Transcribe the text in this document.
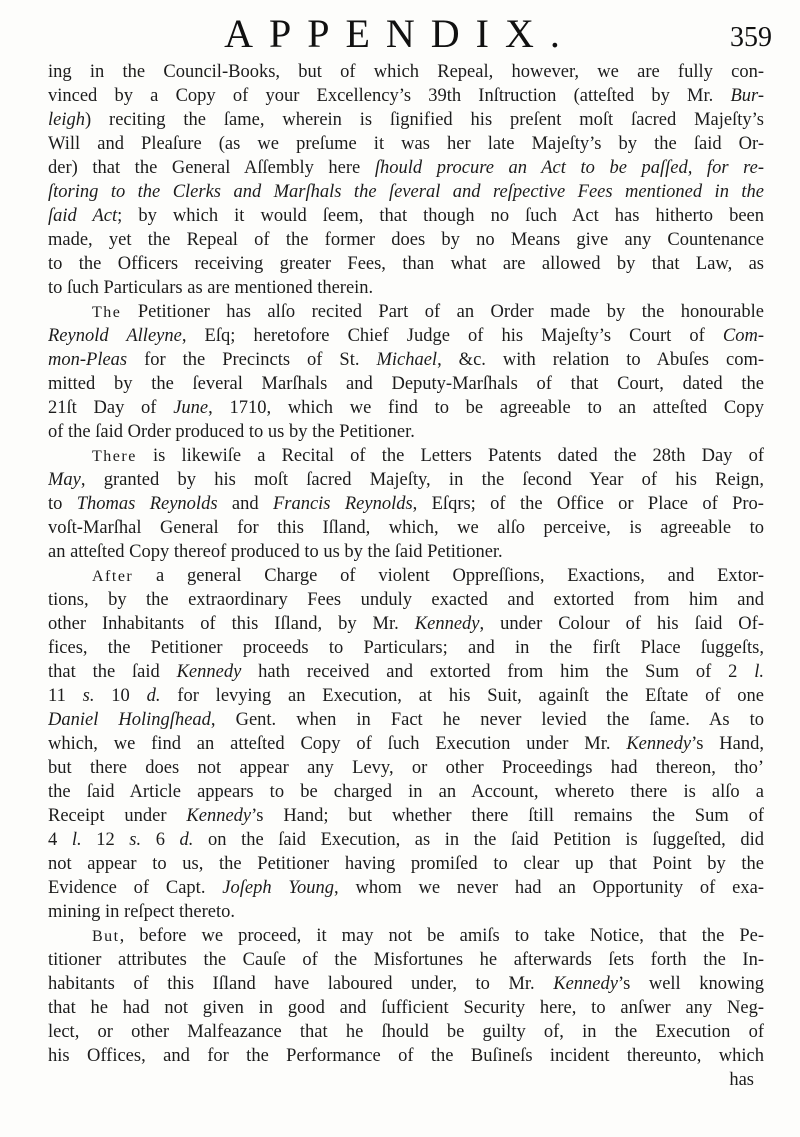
APPENDIX.	359
ing in the Council-Books, but of which Repeal, however, we are fully con-
vinced by a Copy of your Excellency’s 39th Inſtruction (atteſted by Mr. Bur-
leigh) reciting the ſame, wherein is ſignified his preſent moſt ſacred Majeſty’s
Will and Pleaſure (as we preſume it was her late Majeſty’s by the ſaid Or-
der) that the General Aſſembly here ſhould procure an Act to be paſſed, for re-
ſtoring to the Clerks and Marſhals the ſeveral and reſpective Fees mentioned in the
ſaid Act; by which it would ſeem, that though no ſuch Act has hitherto been
made, yet the Repeal of the former does by no Means give any Countenance
to the Officers receiving greater Fees, than what are allowed by that Law, as
to ſuch Particulars as are mentioned therein.
The Petitioner has alſo recited Part of an Order made by the honourable
Reynold Alleyne, Eſq; heretofore Chief Judge of his Majeſty’s Court of Com-
mon-Pleas for the Precincts of St. Michael, &c. with relation to Abuſes com-
mitted by the ſeveral Marſhals and Deputy-Marſhals of that Court, dated the
21ſt Day of June, 1710, which we find to be agreeable to an atteſted Copy
of the ſaid Order produced to us by the Petitioner.
There is likewiſe a Recital of the Letters Patents dated the 28th Day of
May, granted by his moſt ſacred Majeſty, in the ſecond Year of his Reign,
to Thomas Reynolds and Francis Reynolds, Eſqrs; of the Office or Place of Pro-
voſt-Marſhal General for this Iſland, which, we alſo perceive, is agreeable to
an atteſted Copy thereof produced to us by the ſaid Petitioner.
After a general Charge of violent Oppreſſions, Exactions, and Extor-
tions, by the extraordinary Fees unduly exacted and extorted from him and
other Inhabitants of this Iſland, by Mr. Kennedy, under Colour of his ſaid Of-
fices, the Petitioner proceeds to Particulars; and in the firſt Place ſuggeſts,
that the ſaid Kennedy hath received and extorted from him the Sum of 2 l.
11 s. 10 d. for levying an Execution, at his Suit, againſt the Eſtate of one
Daniel Holingſhead, Gent. when in Fact he never levied the ſame. As to
which, we find an atteſted Copy of ſuch Execution under Mr. Kennedy’s Hand,
but there does not appear any Levy, or other Proceedings had thereon, tho’
the ſaid Article appears to be charged in an Account, whereto there is alſo a
Receipt under Kennedy’s Hand; but whether there ſtill remains the Sum of
4 l. 12 s. 6 d. on the ſaid Execution, as in the ſaid Petition is ſuggeſted, did
not appear to us, the Petitioner having promiſed to clear up that Point by the
Evidence of Capt. Joſeph Young, whom we never had an Opportunity of exa-
mining in reſpect thereto.
But, before we proceed, it may not be amiſs to take Notice, that the Pe-
titioner attributes the Cauſe of the Misfortunes he afterwards ſets forth the In-
habitants of this Iſland have laboured under, to Mr. Kennedy’s well knowing
that he had not given in good and ſufficient Security here, to anſwer any Neg-
lect, or other Malfeazance that he ſhould be guilty of, in the Execution of
his Offices, and for the Performance of the Buſineſs incident thereunto, which
has
